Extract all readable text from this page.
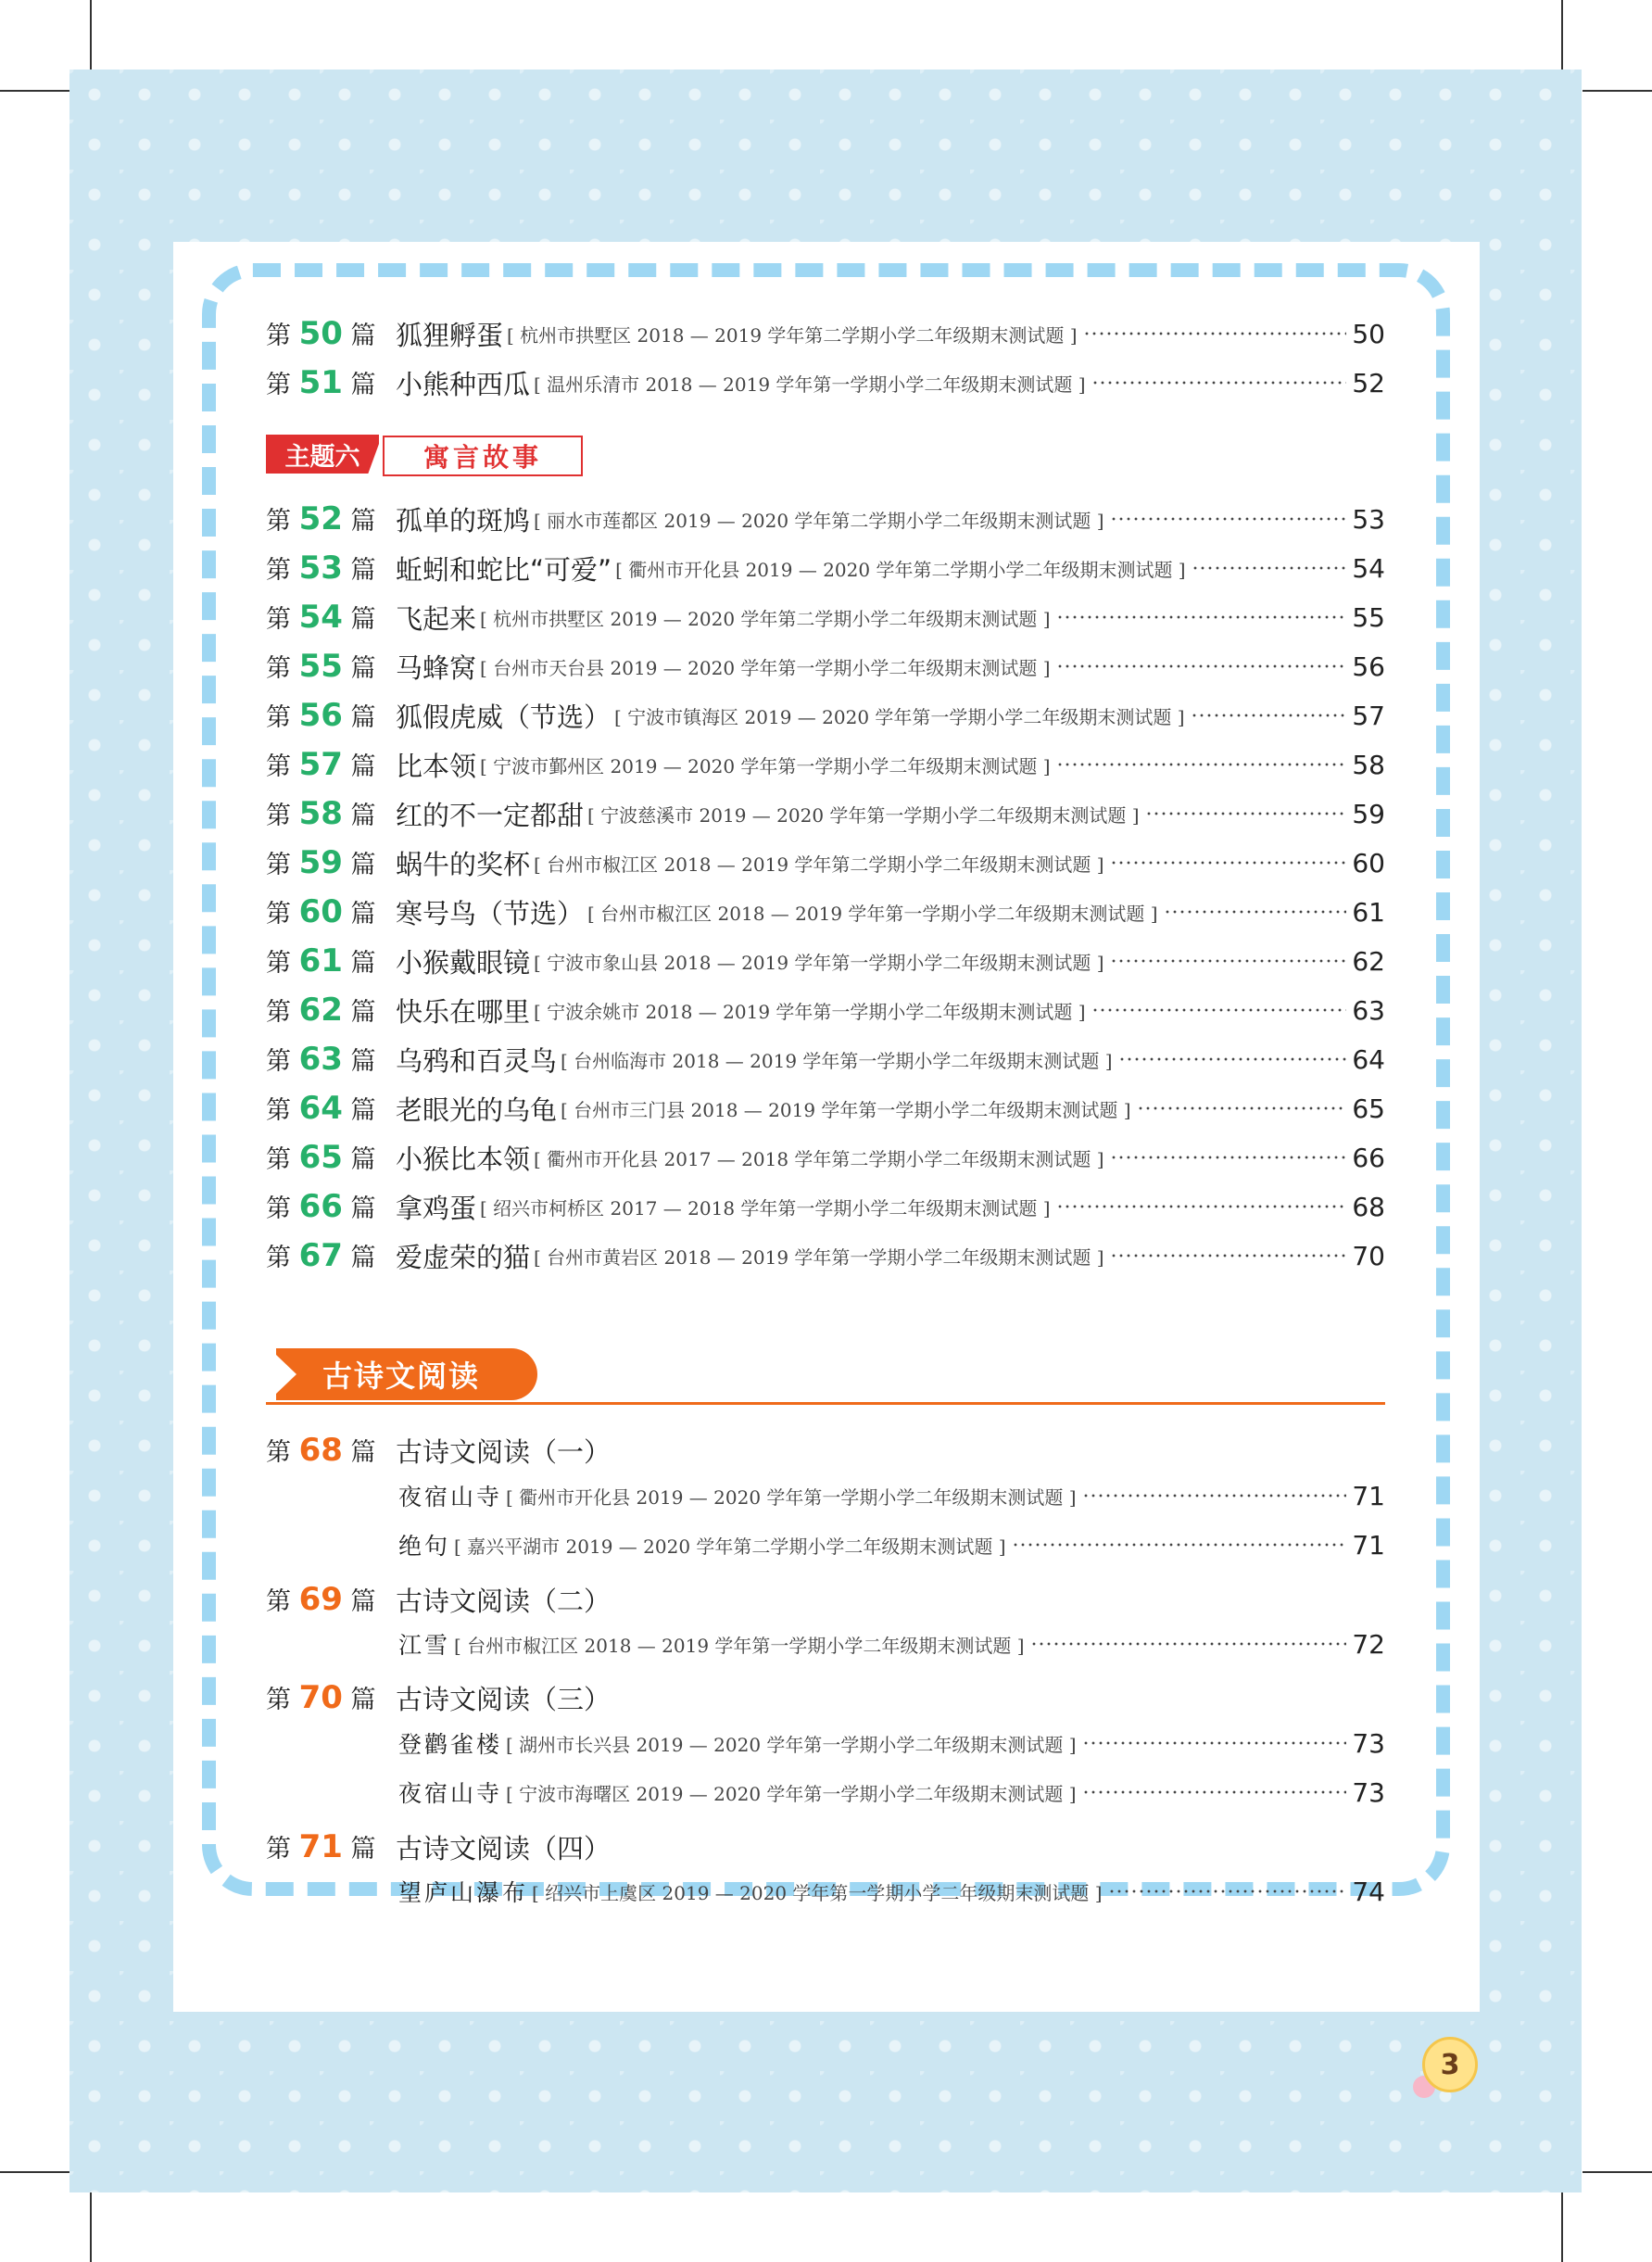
第 50 篇 狐狸孵蛋 [ 杭州市拱墅区 2018 — 2019 学年第二学期小学二年级期末测试题 ]	50
第 51 篇 小熊种西瓜 [ 温州乐清市 2018 — 2019 学年第一学期小学二年级期末测试题 ]	52
主题六	寓言故事
第 52 篇 孤单的斑鸠 [ 丽水市莲都区 2019 — 2020 学年第二学期小学二年级期末测试题 ]	53
第 53 篇 蚯蚓和蛇比“可爱” [ 衢州市开化县 2019 — 2020 学年第二学期小学二年级期末测试题 ]	54
第 54 篇 飞起来 [ 杭州市拱墅区 2019 — 2020 学年第二学期小学二年级期末测试题 ]	55
第 55 篇 马蜂窝 [ 台州市天台县 2019 — 2020 学年第一学期小学二年级期末测试题 ]	56
第 56 篇 狐假虎威（节选） [ 宁波市镇海区 2019 — 2020 学年第一学期小学二年级期末测试题 ]	57
第 57 篇 比本领 [ 宁波市鄞州区 2019 — 2020 学年第一学期小学二年级期末测试题 ]	58
第 58 篇 红的不一定都甜 [ 宁波慈溪市 2019 — 2020 学年第一学期小学二年级期末测试题 ]	59
第 59 篇 蜗牛的奖杯 [ 台州市椒江区 2018 — 2019 学年第二学期小学二年级期末测试题 ]	60
第 60 篇 寒号鸟（节选） [ 台州市椒江区 2018 — 2019 学年第一学期小学二年级期末测试题 ]	61
第 61 篇 小猴戴眼镜 [ 宁波市象山县 2018 — 2019 学年第一学期小学二年级期末测试题 ]	62
第 62 篇 快乐在哪里 [ 宁波余姚市 2018 — 2019 学年第一学期小学二年级期末测试题 ]	63
第 63 篇 乌鸦和百灵鸟 [ 台州临海市 2018 — 2019 学年第一学期小学二年级期末测试题 ]	64
第 64 篇 老眼光的乌龟 [ 台州市三门县 2018 — 2019 学年第一学期小学二年级期末测试题 ]	65
第 65 篇 小猴比本领 [ 衢州市开化县 2017 — 2018 学年第二学期小学二年级期末测试题 ]	66
第 66 篇 拿鸡蛋 [ 绍兴市柯桥区 2017 — 2018 学年第一学期小学二年级期末测试题 ]	68
第 67 篇 爱虚荣的猫 [ 台州市黄岩区 2018 — 2019 学年第一学期小学二年级期末测试题 ]	70
古诗文阅读
第 68 篇 古诗文阅读（一）
夜宿山寺 [ 衢州市开化县 2019 — 2020 学年第一学期小学二年级期末测试题 ]	71
绝句 [ 嘉兴平湖市 2019 — 2020 学年第二学期小学二年级期末测试题 ]	71
第 69 篇 古诗文阅读（二）
江雪 [ 台州市椒江区 2018 — 2019 学年第一学期小学二年级期末测试题 ]	72
第 70 篇 古诗文阅读（三）
登鹳雀楼 [ 湖州市长兴县 2019 — 2020 学年第一学期小学二年级期末测试题 ]	73
夜宿山寺 [ 宁波市海曙区 2019 — 2020 学年第一学期小学二年级期末测试题 ]	73
第 71 篇 古诗文阅读（四）
望庐山瀑布 [ 绍兴市上虞区 2019 — 2020 学年第一学期小学二年级期末测试题 ]	74
3
